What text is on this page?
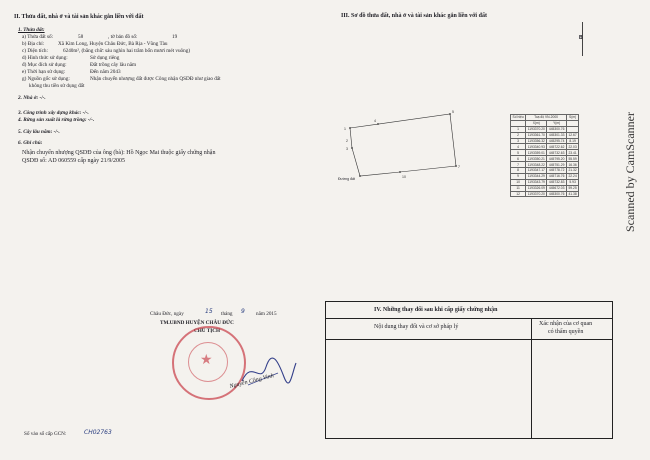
II. Thửa đất, nhà ở và tài sản khác gắn liền với đất
1. Thửa đất:
a) Thửa đất số:	58	, tờ bản đồ số:	19
b) Địa chỉ:	Xã Kim Long, Huyện Châu Đức, Bà Rịa - Vũng Tàu
c) Diện tích:	6240m², (bằng chữ: sáu nghìn hai trăm bốn mươi mét vuông)
d) Hình thức sử dụng:	Sử dụng riêng
đ) Mục đích sử dụng:	Đất trồng cây lâu năm
e) Thời hạn sử dụng:	Đến năm 2043
g) Nguồn gốc sử dụng:	Nhận chuyển nhượng đất được Công nhận QSDĐ như giao đất
không thu tiền sử dụng đất
2. Nhà ở: -/-.
3. Công trình xây dựng khác: -/-.
4. Rừng sản xuất là rừng trồng: -/-.
5. Cây lâu năm: -/-.
6. Ghi chú:
Nhận chuyển nhượng QSDĐ của ông (bà): Hồ Ngọc Mai thuộc giấy chứng nhận
QSDĐ số: AD 060559 cấp ngày 21/9/2005
Châu Đức, ngày	15 tháng 9 năm 2015
TM.UBND HUYỆN CHÂU ĐỨC
CHỦ TỊCH
★
Nguyễn Công Vinh
Số vào sổ cấp GCN:	CH02763
III. Sơ đồ thửa đất, nhà ở và tài sản khác gắn liền với đất
B
1
4
5
7
10
2
3
Đường đất
Số hiệu	Toạ độ VN-2000		S(m)
	X(m)	Y(m)	
1	1193370.20	445300.76	
2	1193361.70	445301.33	12.67
3	1193356.32	445295.74	8.19
4	1193340.93	445722.62	22.03
5	1193359.01	445732.63	23.41
6	1193350.21	445795.20	55.59
7	1193348.22	445751.29	16.36
8	1193347.17	445778.72	21.32
9	1193344.29	445716.76	22.24
10	1193343.79	445732.83	5.93
11	1193326.09	445672.03	59.25
12	1193370.20	445300.76	41.38
IV. Những thay đổi sau khi cấp giấy chứng nhận
Nội dung thay đổi và cơ sở pháp lý	Xác nhận của cơ quan
có thẩm quyền
Scanned by CamScanner
